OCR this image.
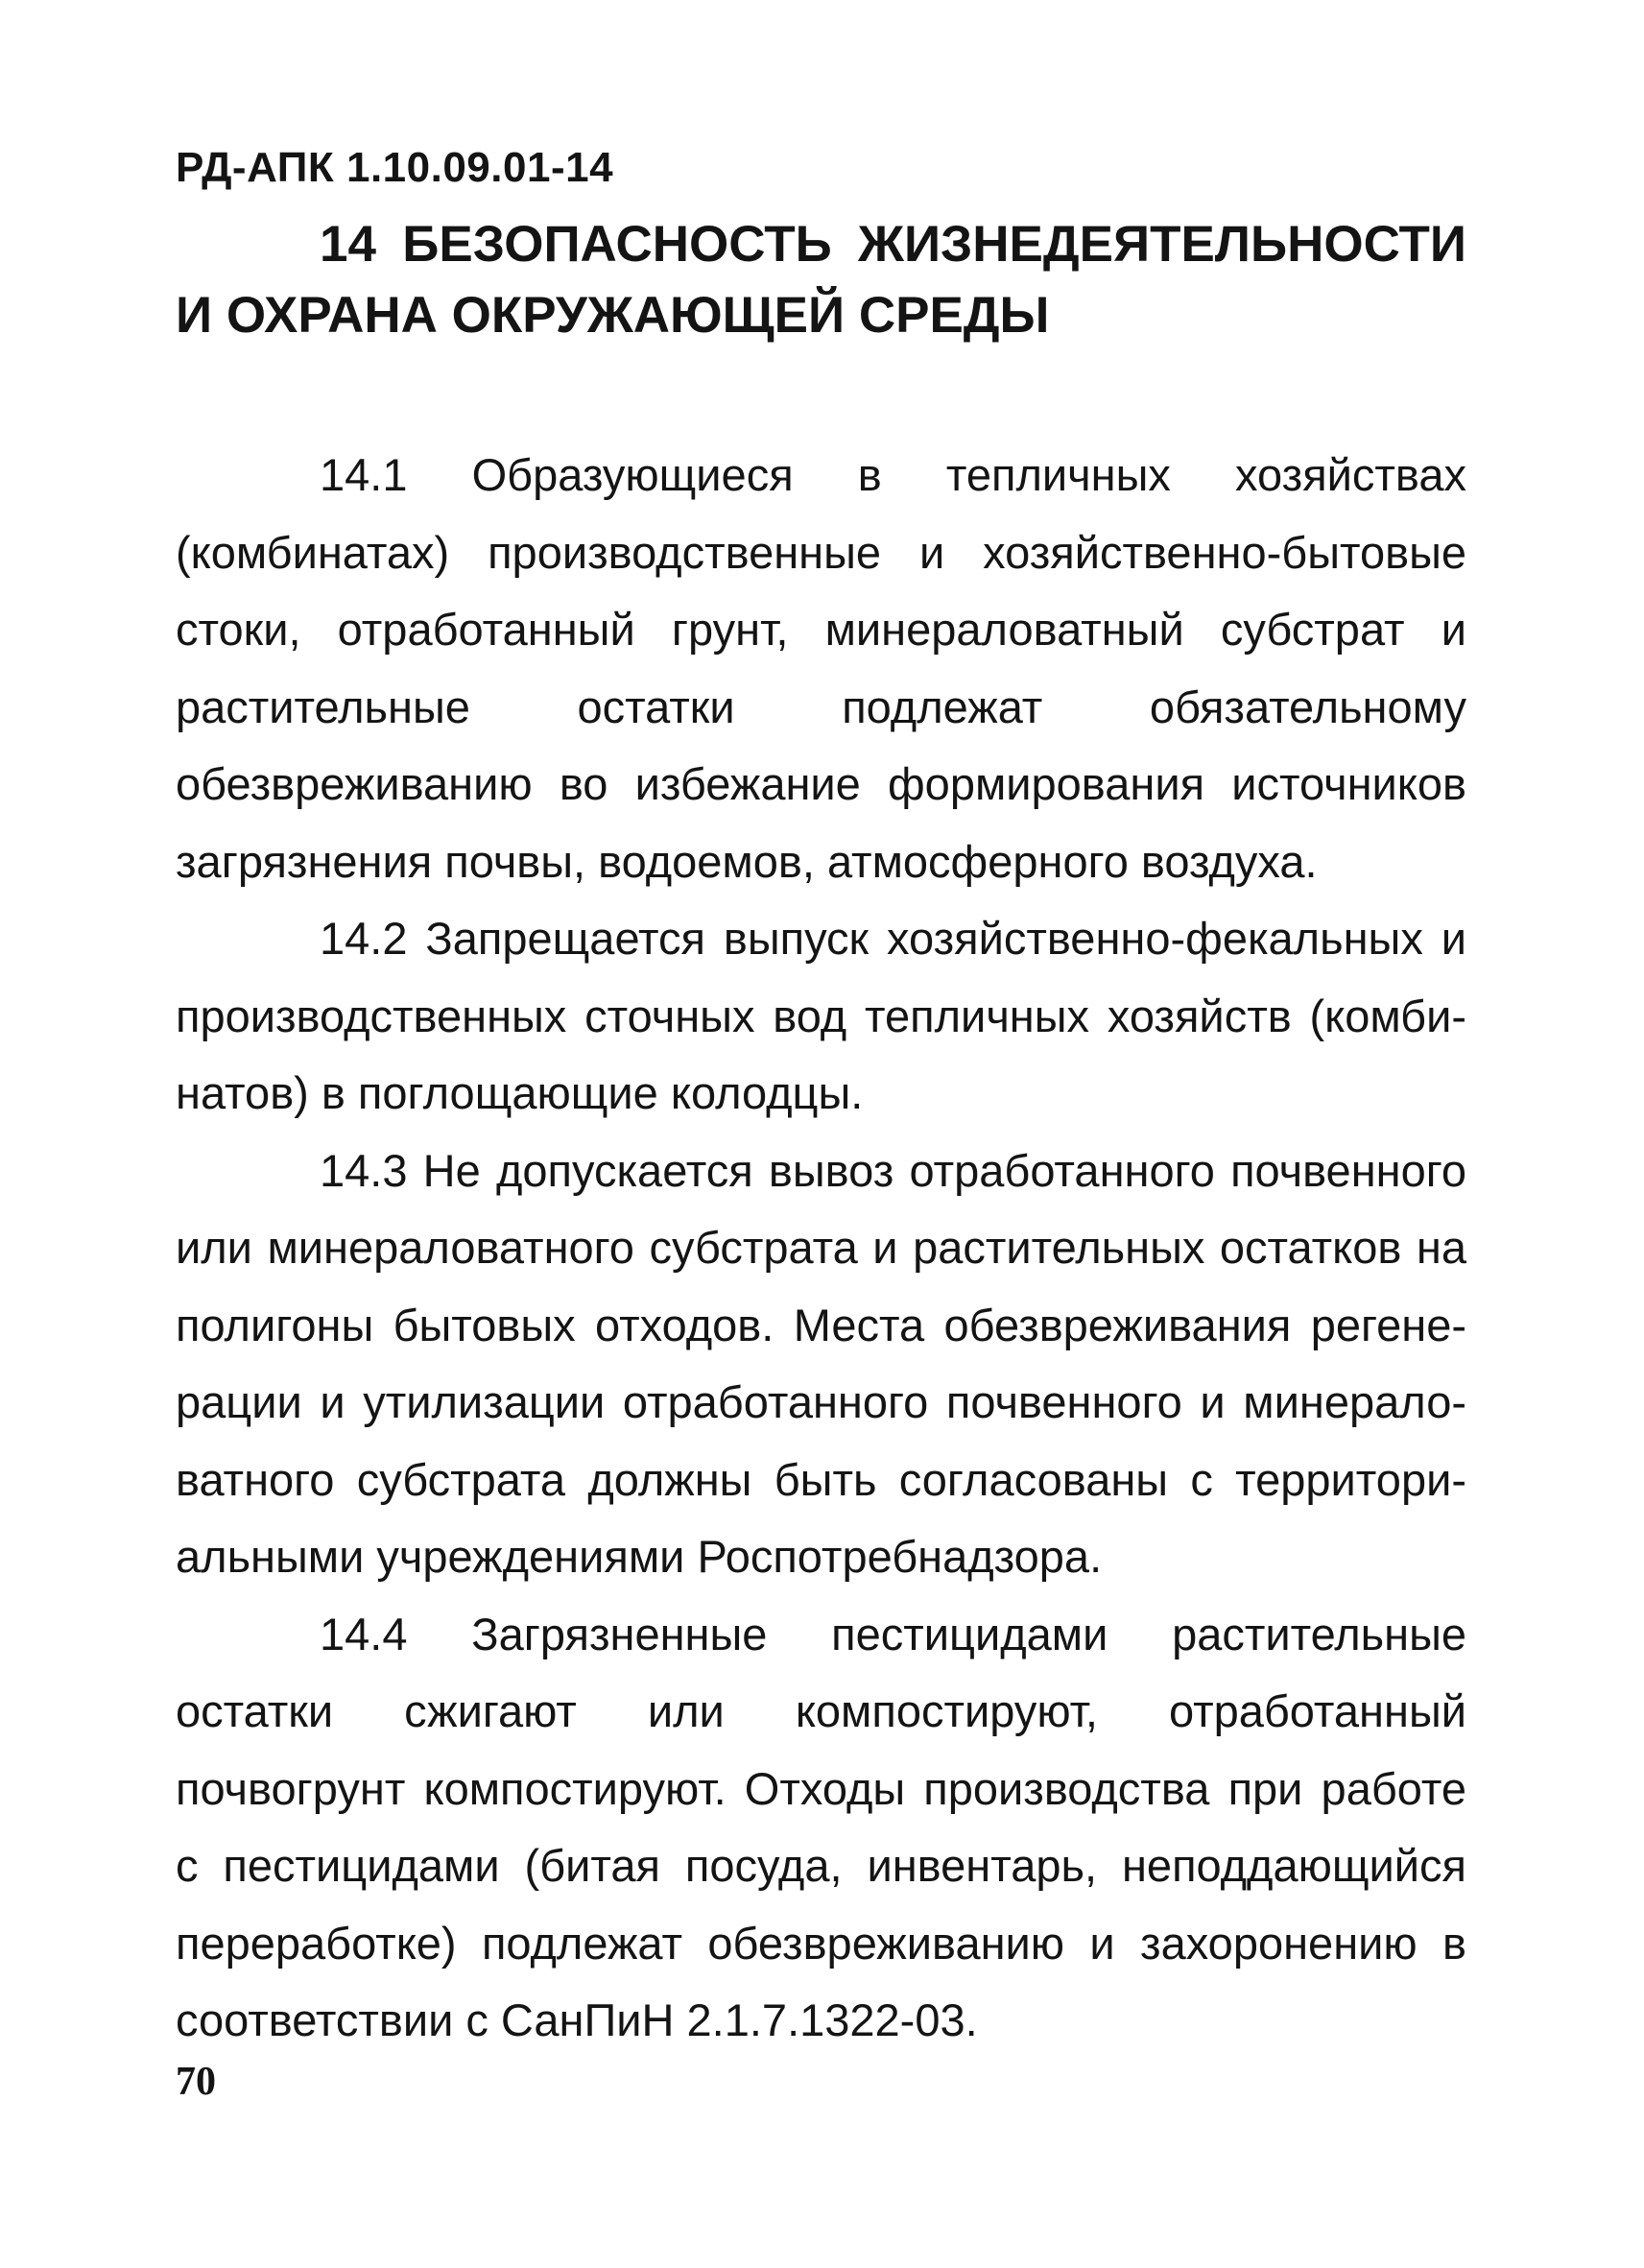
РД-АПК 1.10.09.01-14
14 БЕЗОПАСНОСТЬ ЖИЗНЕДЕЯТЕЛЬНОСТИ
И ОХРАНА ОКРУЖАЮЩЕЙ СРЕДЫ

14.1 Образующиеся в тепличных хозяйствах (комбинатах) производственные и хозяйственно-бытовые стоки, отработанный грунт, минераловатный субстрат и растительные остатки подлежат обязательному обезвреживанию во избежание формирования источников загрязнения почвы, водоемов, атмосферного воздуха.

14.2 Запрещается выпуск хозяйственно-фекальных и производственных сточных вод тепличных хозяйств (комбинатов) в поглощающие колодцы.

14.3 Не допускается вывоз отработанного почвенного или минераловатного субстрата и растительных остатков на полигоны бытовых отходов. Места обезвреживания регенерации и утилизации отработанного почвенного и минераловатного субстрата должны быть согласованы с территориальными учреждениями Роспотребнадзора.

14.4 Загрязненные пестицидами растительные остатки сжигают или компостируют, отработанный почвогрунт компостируют. Отходы производства при работе с пестицидами (битая посуда, инвентарь, неподдающийся переработке) подлежат обезвреживанию и захоронению в соответствии с СанПиН 2.1.7.1322-03.

70
